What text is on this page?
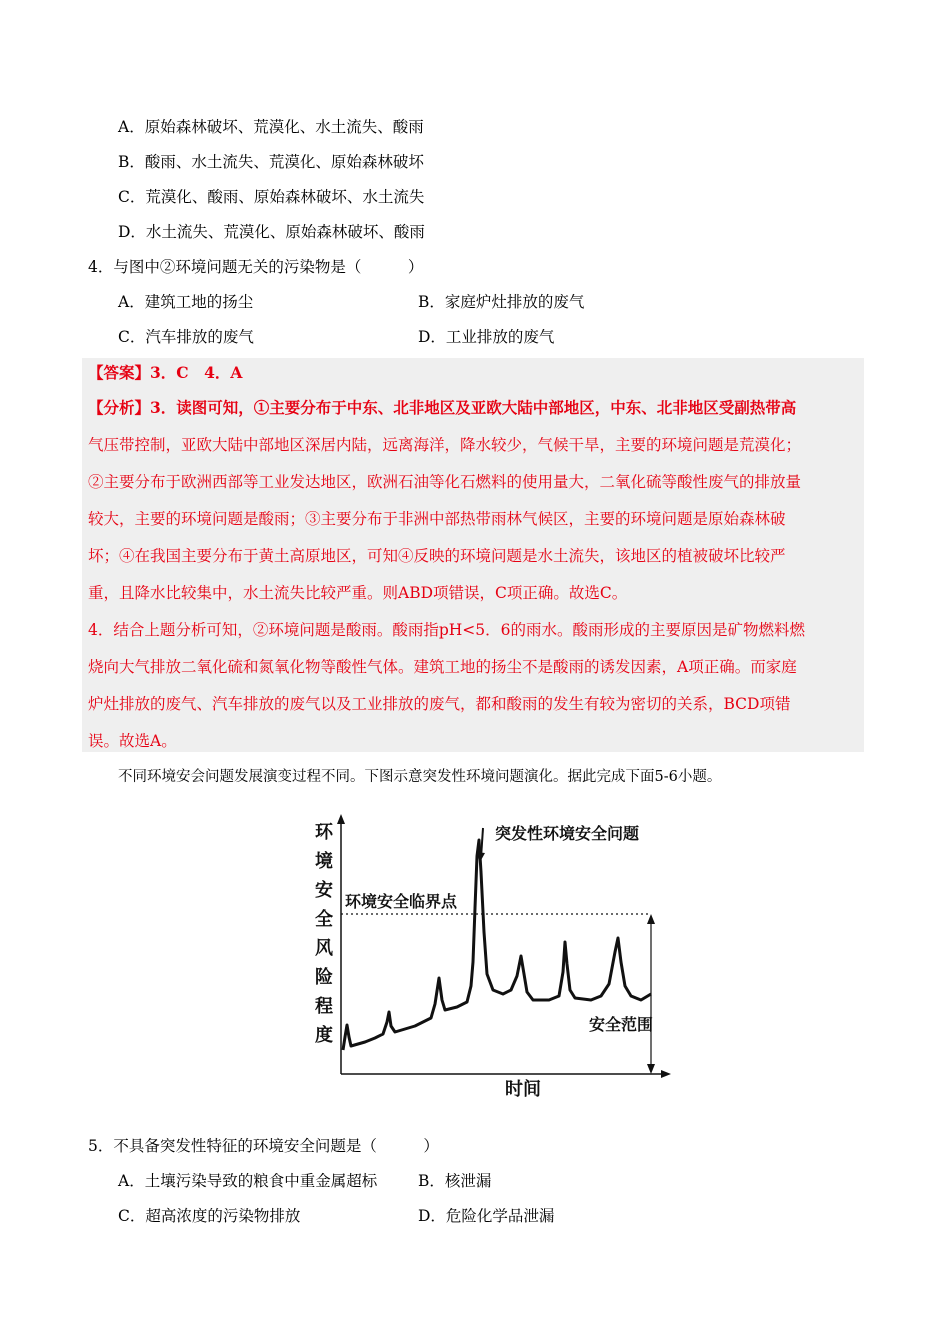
A．原始森林破坏、荒漠化、水土流失、酸雨
B．酸雨、水土流失、荒漠化、原始森林破坏
C．荒漠化、酸雨、原始森林破坏、水土流失
D．水土流失、荒漠化、原始森林破坏、酸雨
4．与图中②环境问题无关的污染物是（　　　）
A．建筑工地的扬尘	B．家庭炉灶排放的废气
C．汽车排放的废气	D．工业排放的废气
【答案】3．C　4．A
【分析】3．读图可知，①主要分布于中东、北非地区及亚欧大陆中部地区，中东、北非地区受副热带高
气压带控制，亚欧大陆中部地区深居内陆，远离海洋，降水较少，气候干旱，主要的环境问题是荒漠化；
②主要分布于欧洲西部等工业发达地区，欧洲石油等化石燃料的使用量大，二氧化硫等酸性废气的排放量
较大，主要的环境问题是酸雨；③主要分布于非洲中部热带雨林气候区，主要的环境问题是原始森林破
坏；④在我国主要分布于黄土高原地区，可知④反映的环境问题是水土流失，该地区的植被破坏比较严
重，且降水比较集中，水土流失比较严重。则ABD项错误，C项正确。故选C。
4．结合上题分析可知，②环境问题是酸雨。酸雨指pH<5．6的雨水。酸雨形成的主要原因是矿物燃料燃
烧向大气排放二氧化硫和氮氧化物等酸性气体。建筑工地的扬尘不是酸雨的诱发因素，A项正确。而家庭
炉灶排放的废气、汽车排放的废气以及工业排放的废气，都和酸雨的发生有较为密切的关系，BCD项错
误。故选A。
不同环境安会问题发展演变过程不同。下图示意突发性环境问题演化。据此完成下面5-6小题。
环
境
安
全
风
险
程
度
时间
环境安全临界点
安全范围
突发性环境安全问题
5．不具备突发性特征的环境安全问题是（　　　）
A．土壤污染导致的粮食中重金属超标	B．核泄漏
C．超高浓度的污染物排放	D．危险化学品泄漏
